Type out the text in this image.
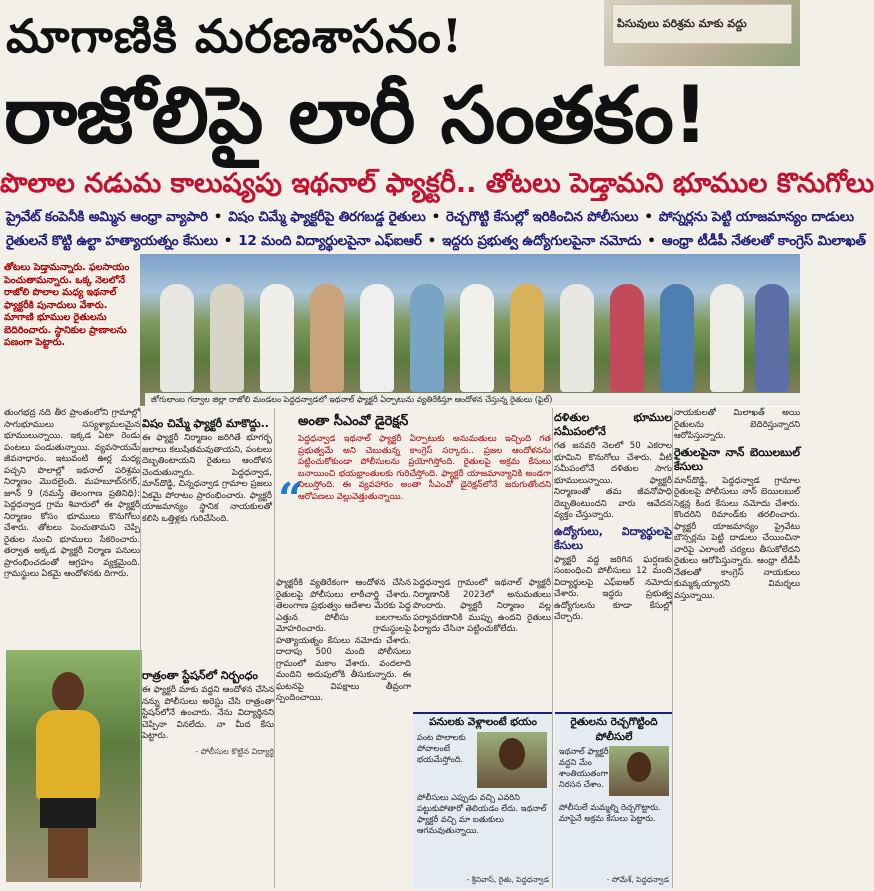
మాగాణికి మరణశాసనం!	పిసువులు పరిశ్రమ మాకు వద్దు
రాజోలిపై లారీ సంతకం!
పొలాల నడుమ కాలుష్యపు ఇథనాల్ ఫ్యాక్టరీ.. తోటలు పెడ్తామని భూముల కొనుగోలు
ప్రైవేట్ కంపెనీకి అమ్మిన ఆంధ్రా వ్యాపారి • విషం చిమ్మే ఫ్యాక్టరీపై తిరగబడ్డ రైతులు • రెచ్చగొట్టి కేసుల్లో ఇరికించిన పోలీసులు • పోస్నర్లను పెట్టి యాజమాన్యం దాడులు
రైతులనే కొట్టి ఉల్టా హత్యాయత్నం కేసులు • 12 మంది విద్యార్థులపైనా ఎఫ్ఐఆర్ • ఇద్దరు ప్రభుత్వ ఉద్యోగులపైనా నమోదు • ఆంధ్రా టీడీపీ నేతలతో కాంగ్రెస్ మిలాఖత్
తోటలు పెడ్తామన్నారు. ఫలసాయం పెంచుతామన్నారు. ఒక్క నెలలోనే రాజోలి పొలాల మధ్య ఇథనాల్ ఫ్యాక్టరీకి పునాదులు వేశారు. మాగాణి భూముల రైతులను బెదిరించారు. స్థానికుల ప్రాణాలను పణంగా పెట్టారు.
జోగులాంబ గద్వాల జిల్లా రాజోలి మండలం పెద్దధన్వాడలో ఇథనాల్ ఫ్యాక్టరీ ఏర్పాటును వ్యతిరేకిస్తూ ఆందోళన చేస్తున్న రైతులు (ఫైల్)
తుంగభద్ర నది తీర ప్రాంతంలోని గ్రామాల్లో సాగుభూములు సస్యశ్యామలమైన భూములున్నాయి. ఇక్కడ ఏటా రెండు పంటలు పండుతున్నాయి. వ్యవసాయమే జీవనాధారం. ఇటువంటి ఊర్ల మధ్య పచ్చని పొలాల్లో ఇథనాల్ పరిశ్రమ నిర్మాణం మొదలైంది. మహబూబ్‌నగర్, జూన్ 9 (నమస్తే తెలంగాణ ప్రతినిధి): పెద్దధన్వాడ గ్రామ శివారులో ఈ ఫ్యాక్టరీ నిర్మాణం కోసం భూములు కొనుగోలు చేశారు. తోటలు పెంచుతామని చెప్పి రైతుల నుంచి భూములు సేకరించారు. తర్వాత అక్కడ ఫ్యాక్టరీ నిర్మాణ పనులు ప్రారంభించడంతో ఆగ్రహం వ్యక్తమైంది. గ్రామస్థులు ఏకమై ఆందోళనకు దిగారు.
విషం చిమ్మే ఫ్యాక్టరీ మాకొద్దు..
ఈ ఫ్యాక్టరీ నిర్మాణం జరిగితే భూగర్భ జలాలు కలుషితమవుతాయని, పంటలు దెబ్బతింటాయని రైతులు ఆందోళన చెందుతున్నారు. పెద్దధన్వాడ, మాన్‌దొడ్డి, చిన్నధన్వాడ గ్రామాల ప్రజలు ఏకమై పోరాటం ప్రారంభించారు. ఫ్యాక్టరీ యాజమాన్యం స్థానిక నాయకులతో కలిసి ఒత్తిళ్లకు గురిచేసింది.
అంతా సీఎంవో డైరెక్షన్
“
పెద్దధన్వాడ ఇథనాల్ ఫ్యాక్టరీ ఏర్పాటుకు అనుమతులు ఇచ్చింది గత ప్రభుత్వమే అని చెబుతున్న కాంగ్రెస్ సర్కారు.. ప్రజల ఆందోళనను పట్టించుకోకుండా పోలీసులను ప్రయోగిస్తోంది. రైతులపై అక్రమ కేసులు బనాయించి భయభ్రాంతులకు గురిచేస్తోంది. ఫ్యాక్టరీ యాజమాన్యానికి అండగా నిలుస్తోంది. ఈ వ్యవహారం అంతా సీఎంవో డైరెక్షన్‌లోనే జరుగుతోందని ఆరోపణలు వెల్లువెత్తుతున్నాయి.
ఫ్యాక్టరీకి వ్యతిరేకంగా ఆందోళన చేసిన రైతులపై పోలీసులు లాఠీచార్జి చేశారు. తెలంగాణ ప్రభుత్వం ఆదేశాల మేరకు పెద్ద ఎత్తున పోలీసు బలగాలను మోహరించారు. గ్రామస్థులపై హత్యాయత్నం కేసులు నమోదు చేశారు. దాదాపు 500 మంది పోలీసులు గ్రామంలో మకాం వేశారు. వందలాది మందిని అదుపులోకి తీసుకున్నారు. ఈ ఘటనపై విపక్షాలు తీవ్రంగా స్పందించాయి.
పెద్దధన్వాడ గ్రామంలో ఇథనాల్ ఫ్యాక్టరీ నిర్మాణానికి 2023లో అనుమతులు పొందారు. ఫ్యాక్టరీ నిర్మాణం వల్ల పర్యావరణానికి ముప్పు ఉందని రైతులు ఫిర్యాదు చేసినా పట్టించుకోలేదు.
దళితుల భూముల సమీపంలోనే
గత జనవరి నెలలో 50 ఎకరాల భూమిని కొనుగోలు చేశారు. వీటి సమీపంలోనే దళితుల సాగు భూములున్నాయి. ఫ్యాక్టరీ నిర్మాణంతో తమ జీవనోపాధి దెబ్బతింటుందని వారు ఆవేదన వ్యక్తం చేస్తున్నారు.
ఉద్యోగులు, విద్యార్థులపై కేసులు
ఫ్యాక్టరీ వద్ద జరిగిన ఘర్షణకు సంబంధించి పోలీసులు 12 మంది విద్యార్థులపై ఎఫ్ఐఆర్ నమోదు చేశారు. ఇద్దరు ప్రభుత్వ ఉద్యోగులను కూడా కేసుల్లో చేర్చారు.
నాయకులతో మిలాఖత్ అయి రైతులను బెదిరిస్తున్నారని ఆరోపిస్తున్నారు.
రైతులపైనా నాన్ బెయిలబుల్ కేసులు
మాన్‌దొడ్డి, పెద్దధన్వాడ గ్రామాల రైతులపై పోలీసులు నాన్ బెయిలబుల్ సెక్షన్ల కింద కేసులు నమోదు చేశారు. కొందరిని రిమాండ్‌కు తరలించారు. ఫ్యాక్టరీ యాజమాన్యం ప్రైవేటు బౌన్సర్లను పెట్టి దాడులు చేయించినా వారిపై ఎలాంటి చర్యలు తీసుకోలేదని రైతులు ఆరోపిస్తున్నారు. ఆంధ్రా టీడీపీ నేతలతో కాంగ్రెస్ నాయకులు కుమ్మక్కయ్యారని విమర్శలు వస్తున్నాయి.
రాత్రంతా స్టేషన్‌లో నిర్బంధం
ఈ ఫ్యాక్టరీ మాకు వద్దని ఆందోళన చేసిన నన్ను పోలీసులు అరెస్టు చేసి రాత్రంతా స్టేషన్‌లోనే ఉంచారు. నేను విద్యార్థినని చెప్పినా వినలేదు. నా మీద కేసు పెట్టారు.
- పోలీసుల కొట్టిన విద్యార్థి
పనులకు వెళ్లాలంటే భయం
పంట పొలాలకు పోవాలంటే భయమేస్తోంది.
పోలీసులు ఎప్పుడు వచ్చి ఎవరిని పట్టుకుపోతారో తెలియడం లేదు. ఇథనాల్ ఫ్యాక్టరీ వచ్చి మా బతుకులు ఆగమవుతున్నాయి.
- శ్రీనివాస్, రైతు, పెద్దధన్వాడ
రైతులను రెచ్చగొట్టింది పోలీసులే
ఇథనాల్ ఫ్యాక్టరీ వద్దని మేం శాంతియుతంగా నిరసన చేశాం.
పోలీసులే మమ్మల్ని రెచ్చగొట్టారు. మాపైనే అక్రమ కేసులు పెట్టారు.
- సోమేశ్, పెద్దధన్వాడ
